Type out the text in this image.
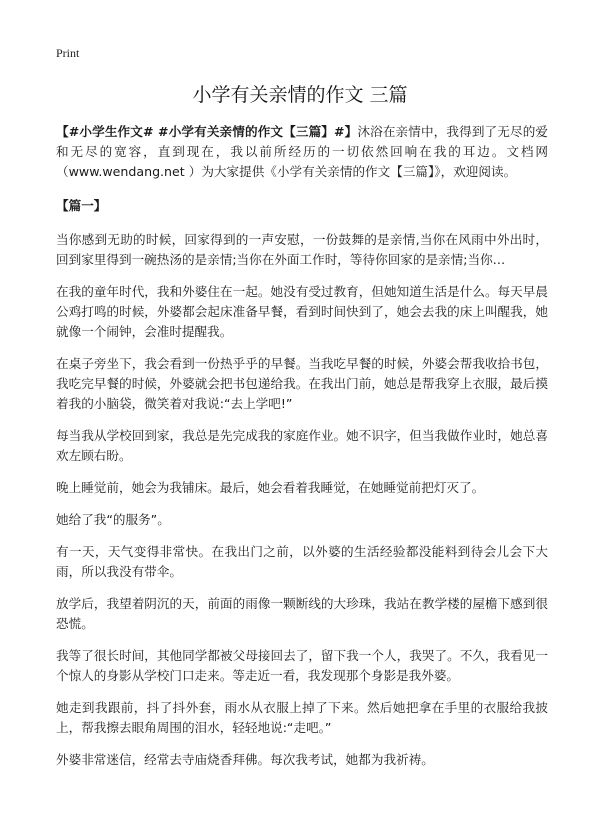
Print
小学有关亲情的作文 三篇

【#小学生作文# #小学有关亲情的作文【三篇】#】沐浴在亲情中，我得到了无尽的爱和无尽的宽容，直到现在，我以前所经历的一切依然回响在我的耳边。文档网（www.wendang.net ）为大家提供《小学有关亲情的作文【三篇】》，欢迎阅读。

【篇一】

当你感到无助的时候，回家得到的一声安慰，一份鼓舞的是亲情,当你在风雨中外出时，回到家里得到一碗热汤的是亲情;当你在外面工作时，等待你回家的是亲情;当你…

在我的童年时代，我和外婆住在一起。她没有受过教育，但她知道生活是什么。每天早晨公鸡打鸣的时候，外婆都会起床准备早餐，看到时间快到了，她会去我的床上叫醒我，她就像一个闹钟，会准时提醒我。

在桌子旁坐下，我会看到一份热乎乎的早餐。当我吃早餐的时候，外婆会帮我收拾书包，我吃完早餐的时候，外婆就会把书包递给我。在我出门前，她总是帮我穿上衣服，最后摸着我的小脑袋，微笑着对我说:“去上学吧!”

每当我从学校回到家，我总是先完成我的家庭作业。她不识字，但当我做作业时，她总喜欢左顾右盼。

晚上睡觉前，她会为我铺床。最后，她会看着我睡觉，在她睡觉前把灯灭了。

她给了我“的服务”。

有一天，天气变得非常快。在我出门之前，以外婆的生活经验都没能料到待会儿会下大雨，所以我没有带伞。

放学后，我望着阴沉的天，前面的雨像一颗断线的大珍珠，我站在教学楼的屋檐下感到很恐慌。

我等了很长时间，其他同学都被父母接回去了，留下我一个人，我哭了。不久，我看见一个惊人的身影从学校门口走来。等走近一看，我发现那个身影是我外婆。

她走到我跟前，抖了抖外套，雨水从衣服上掉了下来。然后她把拿在手里的衣服给我披上，帮我擦去眼角周围的泪水，轻轻地说:“走吧。”

外婆非常迷信，经常去寺庙烧香拜佛。每次我考试，她都为我祈祷。
